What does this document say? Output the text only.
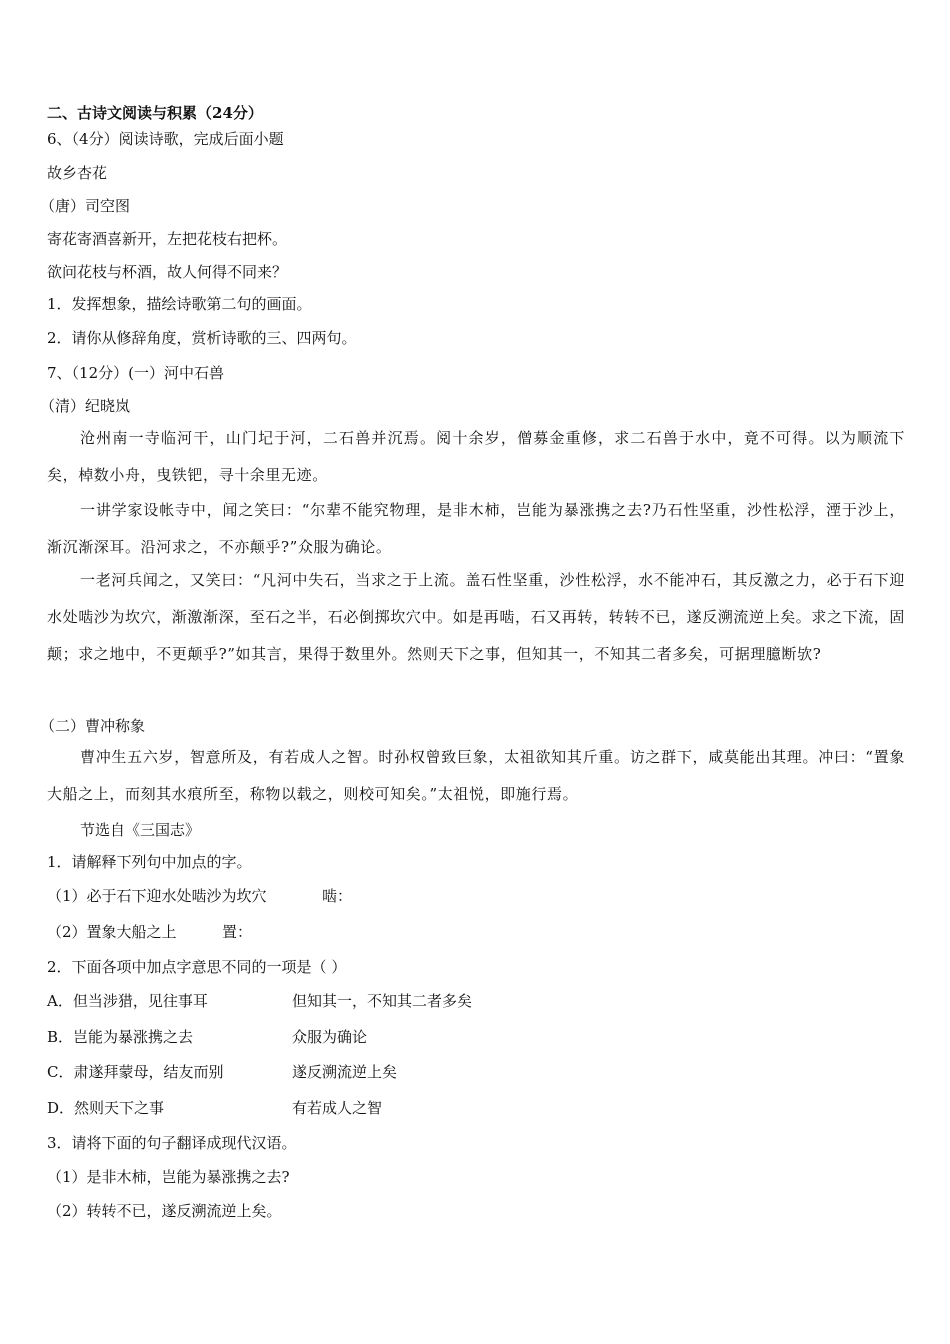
二、古诗文阅读与积累（24分）
6、（4分）阅读诗歌，完成后面小题
故乡杏花
（唐）司空图
寄花寄酒喜新开，左把花枝右把杯。
欲问花枝与杯酒，故人何得不同来？
1．发挥想象，描绘诗歌第二句的画面。
2．请你从修辞角度，赏析诗歌的三、四两句。
7、（12分）(一）河中石兽
（清）纪晓岚
沧州南一寺临河干，山门圮于河，二石兽并沉焉。阅十余岁，僧募金重修，求二石兽于水中，竟不可得。以为顺流下矣，棹数小舟，曳铁钯，寻十余里无迹。
一讲学家设帐寺中，闻之笑曰：“尔辈不能究物理，是非木柿，岂能为暴涨携之去?乃石性坚重，沙性松浮，湮于沙上，渐沉渐深耳。沿河求之，不亦颠乎?”众服为确论。
一老河兵闻之，又笑曰：“凡河中失石，当求之于上流。盖石性坚重，沙性松浮，水不能冲石，其反激之力，必于石下迎水处啮沙为坎穴，渐激渐深，至石之半，石必倒掷坎穴中。如是再啮，石又再转，转转不已，遂反溯流逆上矣。求之下流，固颠；求之地中，不更颠乎?”如其言，果得于数里外。然则天下之事，但知其一，不知其二者多矣，可据理臆断欤?
（二）曹冲称象
曹冲生五六岁，智意所及，有若成人之智。时孙权曾致巨象，太祖欲知其斤重。访之群下，咸莫能出其理。冲曰：“置象大船之上，而刻其水痕所至，称物以载之，则校可知矣。”太祖悦，即施行焉。
节选自《三国志》
1．请解释下列句中加点的字。
（1）必于石下迎水处啮沙为坎穴	啮：
（2）置象大船之上	置：
2．下面各项中加点字意思不同的一项是（ ）
A．但当涉猎，见往事耳	但知其一，不知其二者多矣
B．岂能为暴涨携之去	众服为确论
C．肃遂拜蒙母，结友而别	遂反溯流逆上矣
D．然则天下之事	有若成人之智
3．请将下面的句子翻译成现代汉语。
（1）是非木柿，岂能为暴涨携之去?
（2）转转不已，遂反溯流逆上矣。
